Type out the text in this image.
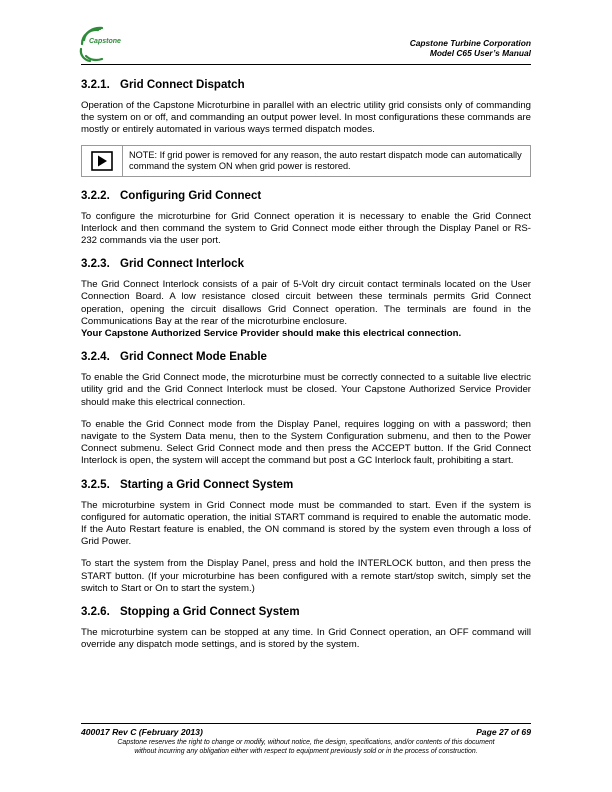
Capstone	Capstone Turbine Corporation
Model C65 User’s Manual
3.2.1. Grid Connect Dispatch

Operation of the Capstone Microturbine in parallel with an electric utility grid consists only of commanding the system on or off, and commanding an output power level. In most configurations these commands are mostly or entirely automated in various ways termed dispatch modes.

NOTE: If grid power is removed for any reason, the auto restart dispatch mode can automatically command the system ON when grid power is restored.
3.2.2. Configuring Grid Connect

To configure the microturbine for Grid Connect operation it is necessary to enable the Grid Connect Interlock and then command the system to Grid Connect mode either through the Display Panel or RS-232 commands via the user port.

3.2.3. Grid Connect Interlock

The Grid Connect Interlock consists of a pair of 5-Volt dry circuit contact terminals located on the User Connection Board. A low resistance closed circuit between these terminals permits Grid Connect operation, opening the circuit disallows Grid Connect operation. The terminals are found in the Communications Bay at the rear of the microturbine enclosure.

Your Capstone Authorized Service Provider should make this electrical connection.

3.2.4. Grid Connect Mode Enable

To enable the Grid Connect mode, the microturbine must be correctly connected to a suitable live electric utility grid and the Grid Connect Interlock must be closed. Your Capstone Authorized Service Provider should make this electrical connection.

To enable the Grid Connect mode from the Display Panel, requires logging on with a password; then navigate to the System Data menu, then to the System Configuration submenu, and then to the Power Connect submenu. Select Grid Connect mode and then press the ACCEPT button. If the Grid Connect Interlock is open, the system will accept the command but post a GC Interlock fault, prohibiting a start.

3.2.5. Starting a Grid Connect System

The microturbine system in Grid Connect mode must be commanded to start. Even if the system is configured for automatic operation, the initial START command is required to enable the automatic mode. If the Auto Restart feature is enabled, the ON command is stored by the system even through a loss of Grid Power.

To start the system from the Display Panel, press and hold the INTERLOCK button, and then press the START button. (If your microturbine has been configured with a remote start/stop switch, simply set the switch to Start or On to start the system.)

3.2.6. Stopping a Grid Connect System

The microturbine system can be stopped at any time. In Grid Connect operation, an OFF command will override any dispatch mode settings, and is stored by the system.

400017 Rev C (February 2013)	Page 27 of 69
Capstone reserves the right to change or modify, without notice, the design, specifications, and/or contents of this document
without incurring any obligation either with respect to equipment previously sold or in the process of construction.
